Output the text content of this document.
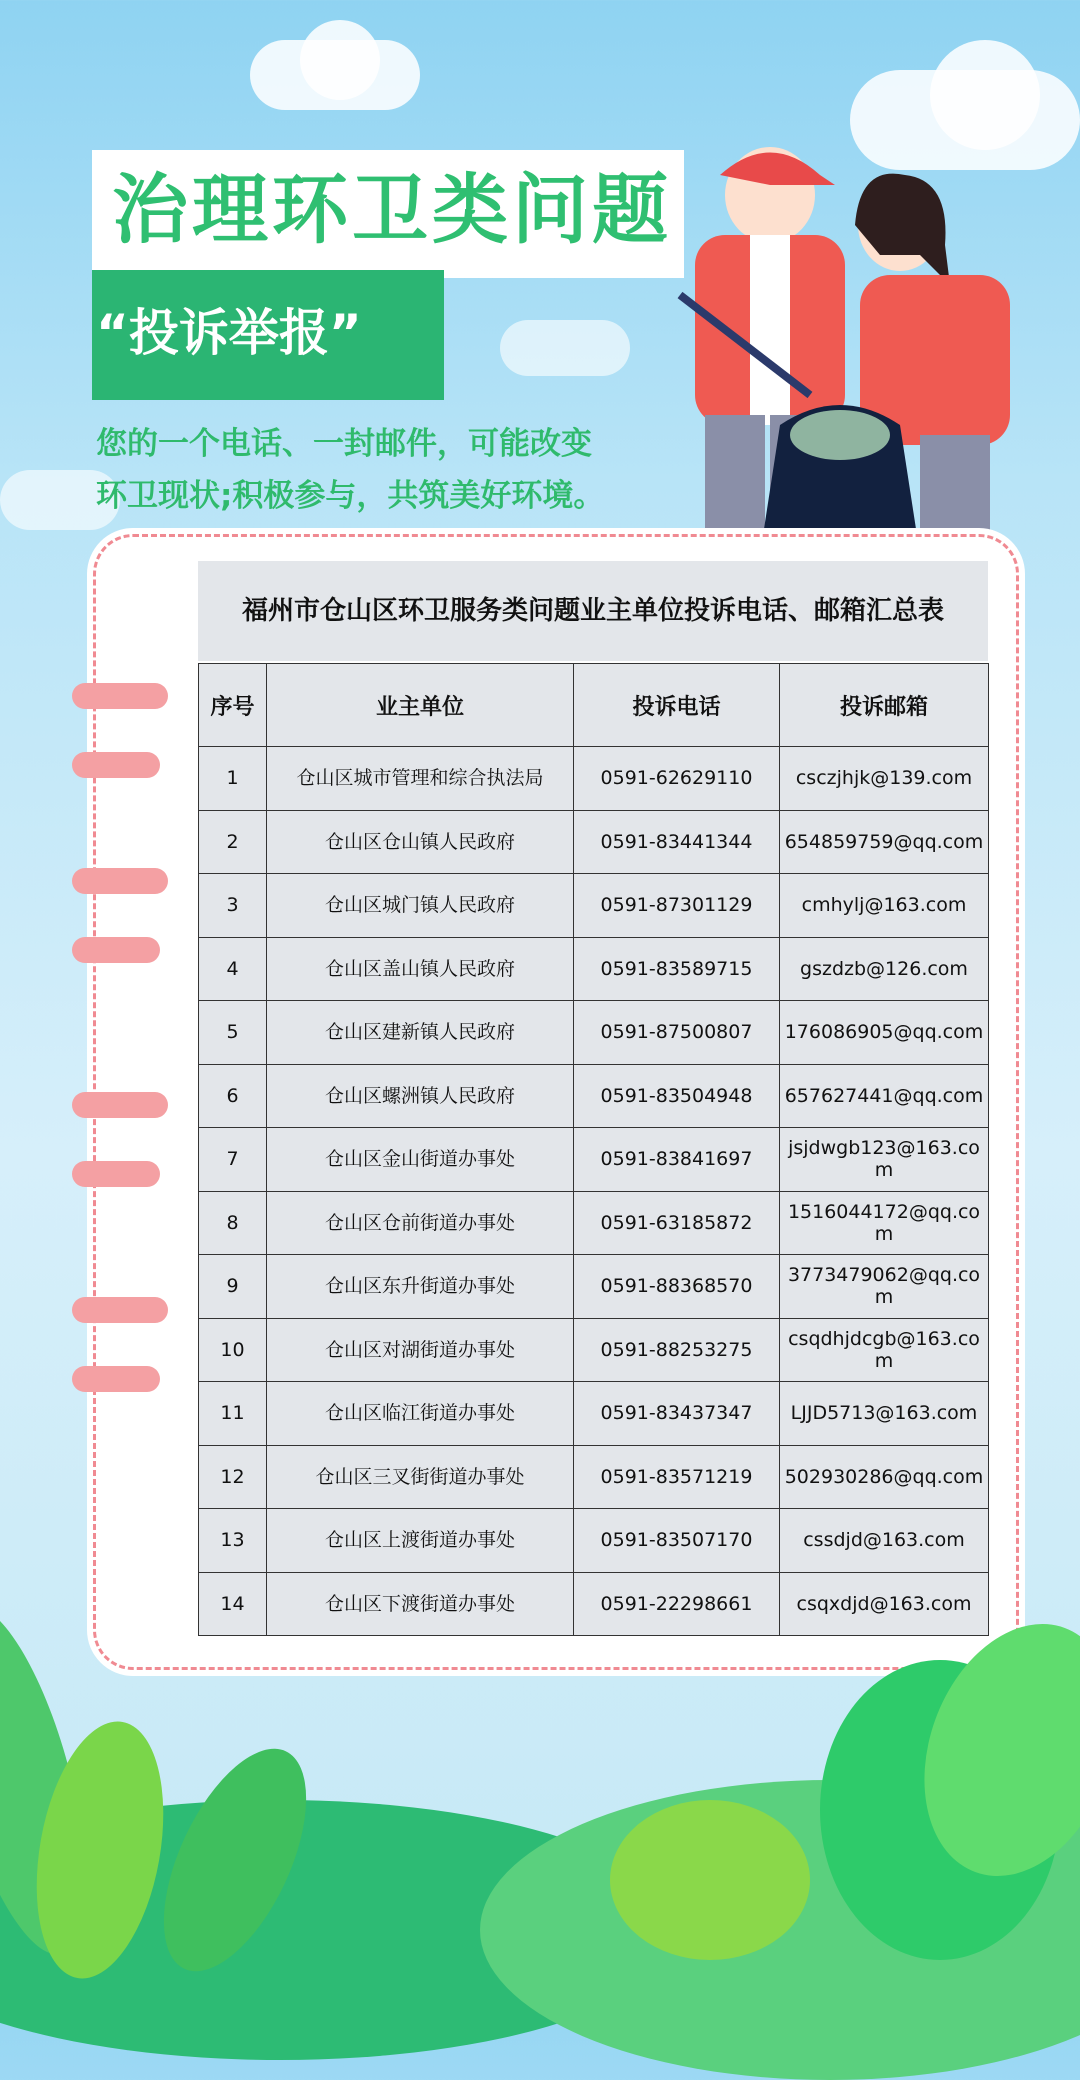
治理环卫类问题
“投诉举报”
您的一个电话、一封邮件，可能改变
环卫现状;积极参与，共筑美好环境。
福州市仓山区环卫服务类问题业主单位投诉电话、邮箱汇总表
序号	业主单位	投诉电话	投诉邮箱
1	仓山区城市管理和综合执法局	0591-62629110	csczjhjk@139.com
2	仓山区仓山镇人民政府	0591-83441344	654859759@qq.com
3	仓山区城门镇人民政府	0591-87301129	cmhylj@163.com
4	仓山区盖山镇人民政府	0591-83589715	gszdzb@126.com
5	仓山区建新镇人民政府	0591-87500807	176086905@qq.com
6	仓山区螺洲镇人民政府	0591-83504948	657627441@qq.com
7	仓山区金山街道办事处	0591-83841697	jsjdwgb123@163.com
8	仓山区仓前街道办事处	0591-63185872	1516044172@qq.com
9	仓山区东升街道办事处	0591-88368570	3773479062@qq.com
10	仓山区对湖街道办事处	0591-88253275	csqdhjdcgb@163.com
11	仓山区临江街道办事处	0591-83437347	LJJD5713@163.com
12	仓山区三叉街街道办事处	0591-83571219	502930286@qq.com
13	仓山区上渡街道办事处	0591-83507170	cssdjd@163.com
14	仓山区下渡街道办事处	0591-22298661	csqxdjd@163.com
